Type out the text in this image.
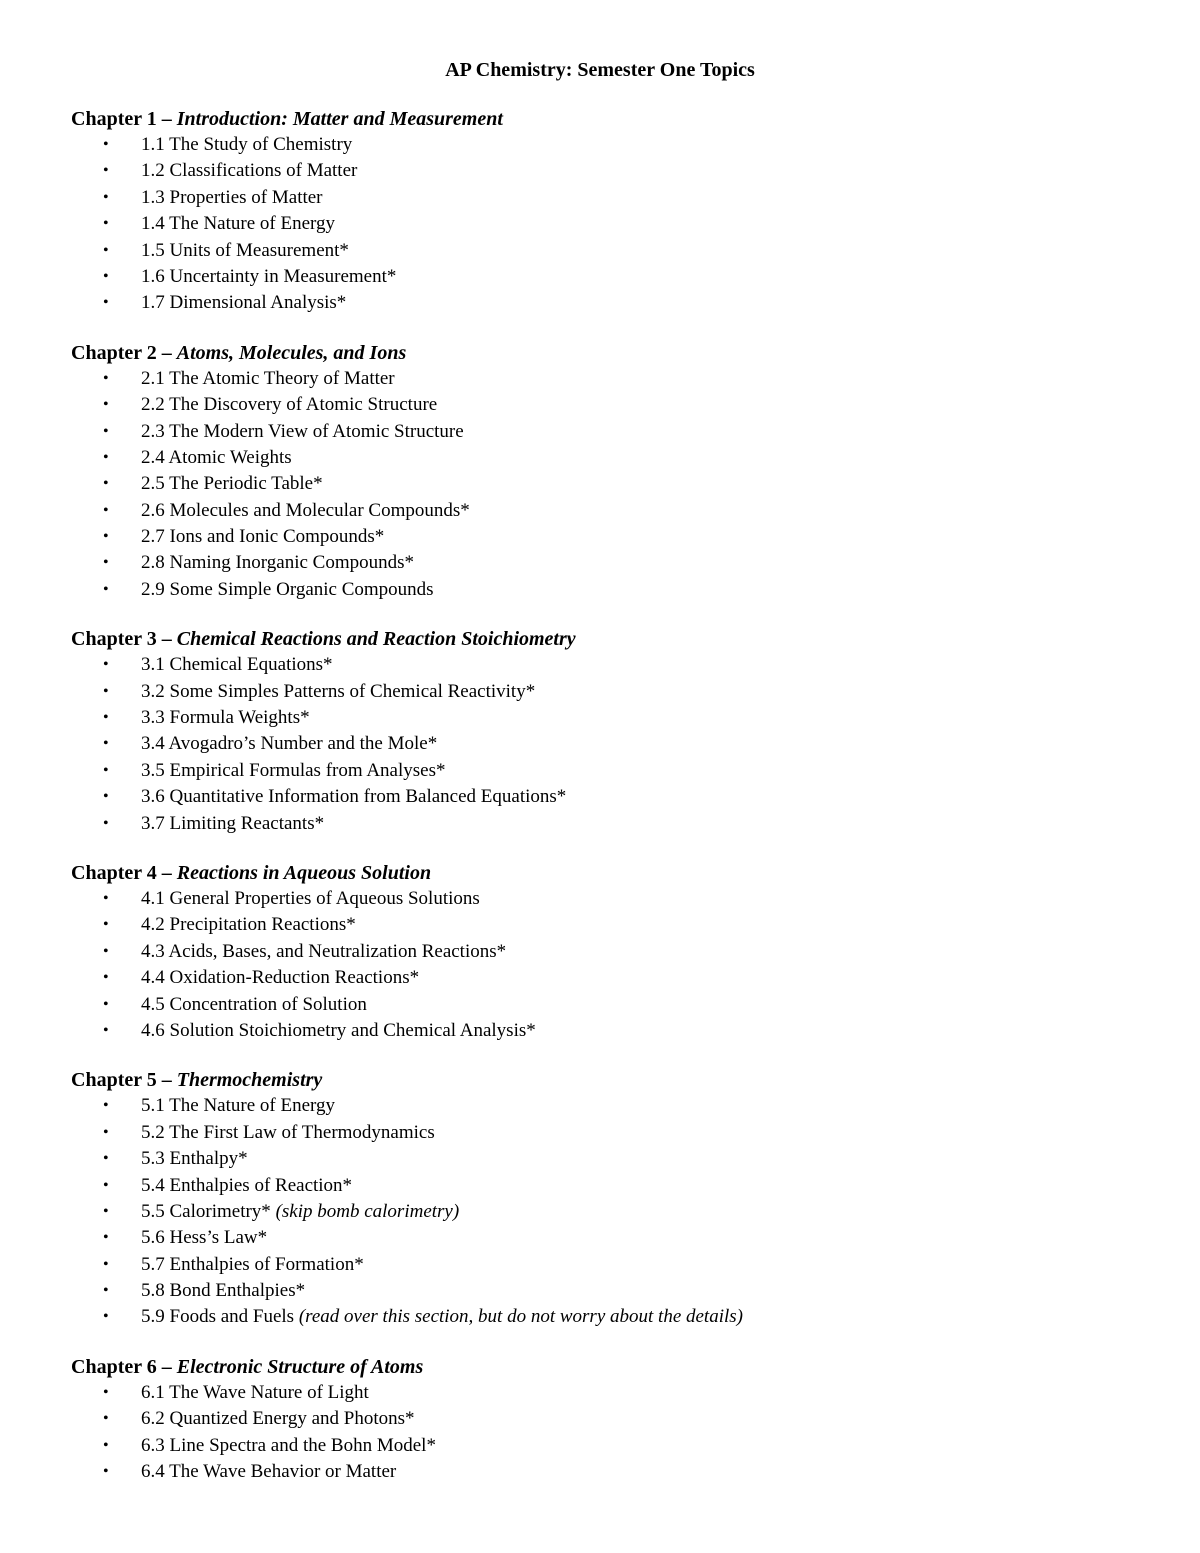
AP Chemistry: Semester One Topics
Chapter 1 – Introduction: Matter and Measurement
• 1.1 The Study of Chemistry
• 1.2 Classifications of Matter
• 1.3 Properties of Matter
• 1.4 The Nature of Energy
• 1.5 Units of Measurement*
• 1.6 Uncertainty in Measurement*
• 1.7 Dimensional Analysis*
Chapter 2 – Atoms, Molecules, and Ions
• 2.1 The Atomic Theory of Matter
• 2.2 The Discovery of Atomic Structure
• 2.3 The Modern View of Atomic Structure
• 2.4 Atomic Weights
• 2.5 The Periodic Table*
• 2.6 Molecules and Molecular Compounds*
• 2.7 Ions and Ionic Compounds*
• 2.8 Naming Inorganic Compounds*
• 2.9 Some Simple Organic Compounds
Chapter 3 – Chemical Reactions and Reaction Stoichiometry
• 3.1 Chemical Equations*
• 3.2 Some Simples Patterns of Chemical Reactivity*
• 3.3 Formula Weights*
• 3.4 Avogadro’s Number and the Mole*
• 3.5 Empirical Formulas from Analyses*
• 3.6 Quantitative Information from Balanced Equations*
• 3.7 Limiting Reactants*
Chapter 4 – Reactions in Aqueous Solution
• 4.1 General Properties of Aqueous Solutions
• 4.2 Precipitation Reactions*
• 4.3 Acids, Bases, and Neutralization Reactions*
• 4.4 Oxidation-Reduction Reactions*
• 4.5 Concentration of Solution
• 4.6 Solution Stoichiometry and Chemical Analysis*
Chapter 5 – Thermochemistry
• 5.1 The Nature of Energy
• 5.2 The First Law of Thermodynamics
• 5.3 Enthalpy*
• 5.4 Enthalpies of Reaction*
• 5.5 Calorimetry* (skip bomb calorimetry)
• 5.6 Hess’s Law*
• 5.7 Enthalpies of Formation*
• 5.8 Bond Enthalpies*
• 5.9 Foods and Fuels (read over this section, but do not worry about the details)
Chapter 6 – Electronic Structure of Atoms
• 6.1 The Wave Nature of Light
• 6.2 Quantized Energy and Photons*
• 6.3 Line Spectra and the Bohn Model*
• 6.4 The Wave Behavior or Matter
